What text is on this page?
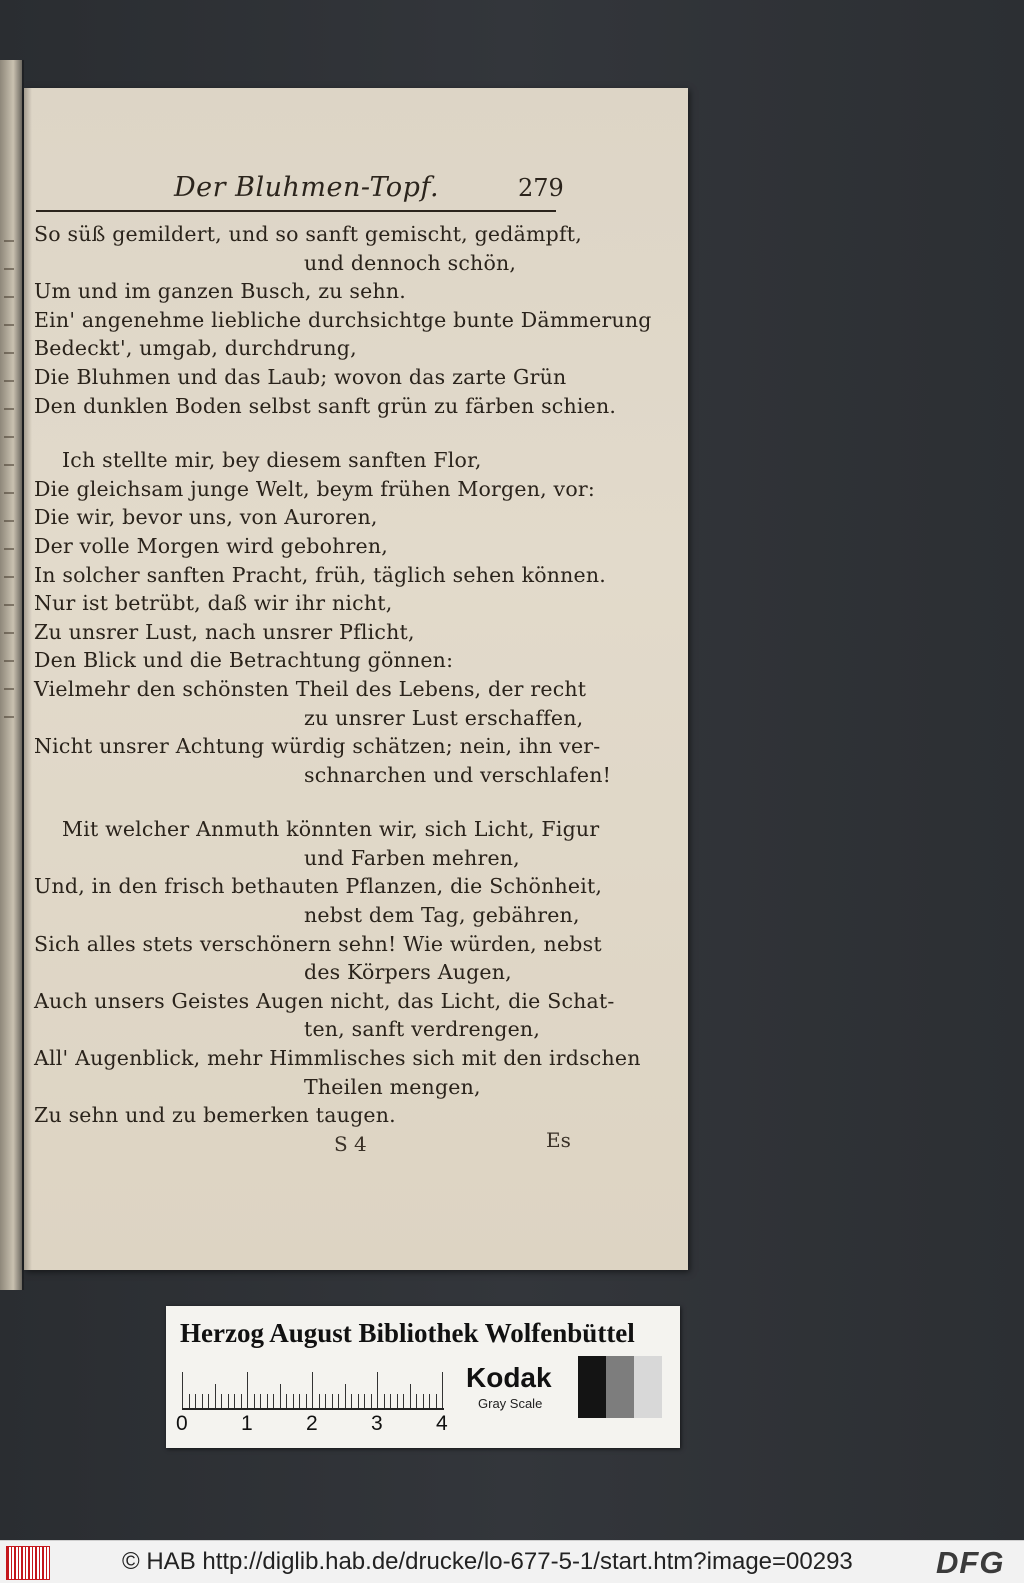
Der Bluhmen-Topf.	279
So süß gemildert, und so sanft gemischt, gedämpft,
und dennoch schön,
Um und im ganzen Busch, zu sehn.
Ein' angenehme liebliche durchsichtge bunte Dämmerung
Bedeckt', umgab, durchdrung,
Die Bluhmen und das Laub; wovon das zarte Grün
Den dunklen Boden selbst sanft grün zu färben schien.
Ich stellte mir, bey diesem sanften Flor,
Die gleichsam junge Welt, beym frühen Morgen, vor:
Die wir, bevor uns, von Auroren,
Der volle Morgen wird gebohren,
In solcher sanften Pracht, früh, täglich sehen können.
Nur ist betrübt, daß wir ihr nicht,
Zu unsrer Lust, nach unsrer Pflicht,
Den Blick und die Betrachtung gönnen:
Vielmehr den schönsten Theil des Lebens, der recht
zu unsrer Lust erschaffen,
Nicht unsrer Achtung würdig schätzen; nein, ihn ver-
schnarchen und verschlafen!
Mit welcher Anmuth könnten wir, sich Licht, Figur
und Farben mehren,
Und, in den frisch bethauten Pflanzen, die Schönheit,
nebst dem Tag, gebähren,
Sich alles stets verschönern sehn! Wie würden, nebst
des Körpers Augen,
Auch unsers Geistes Augen nicht, das Licht, die Schat-
ten, sanft verdrengen,
All' Augenblick, mehr Himmlisches sich mit den irdschen
Theilen mengen,
Zu sehn und zu bemerken taugen.
S 4	Es
Herzog August Bibliothek Wolfenbüttel
0	1	2	3	4
Kodak
Gray Scale
© HAB http://diglib.hab.de/drucke/lo-677-5-1/start.htm?image=00293	DFG
